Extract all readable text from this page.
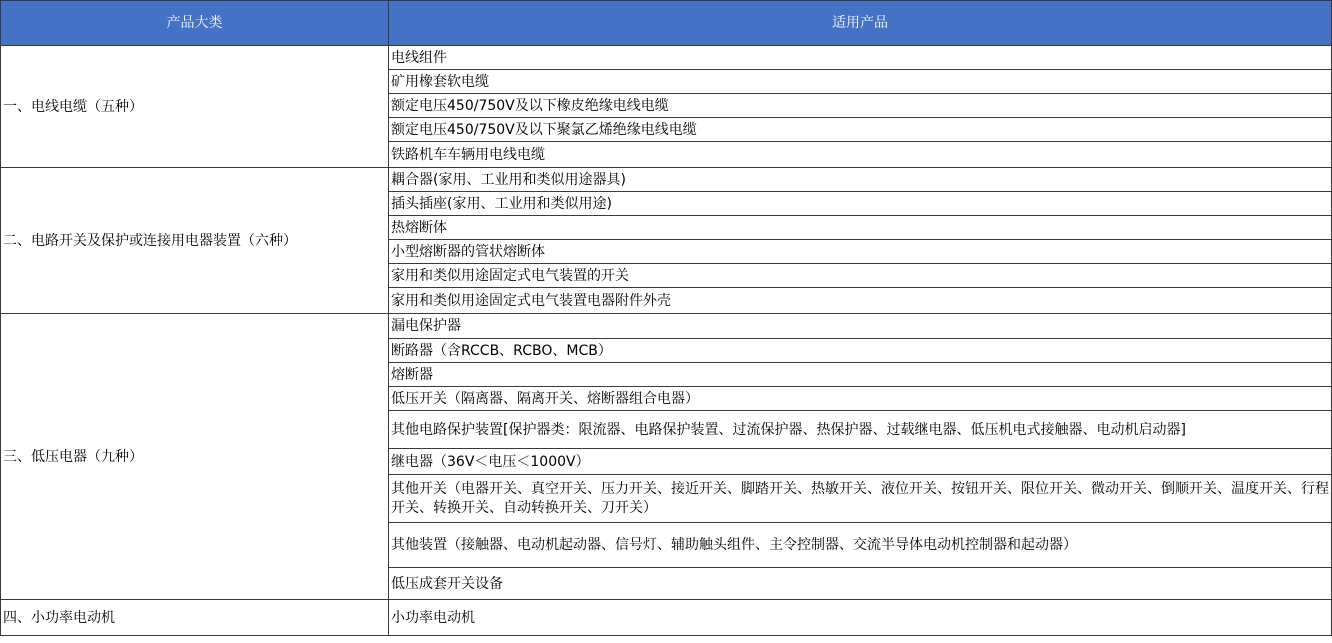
产品大类	适用产品
一、电线电缆（五种）	电线组件
	矿用橡套软电缆
	额定电压450/750V及以下橡皮绝缘电线电缆
	额定电压450/750V及以下聚氯乙烯绝缘电线电缆
	铁路机车车辆用电线电缆
二、电路开关及保护或连接用电器装置（六种）	耦合器(家用、工业用和类似用途器具)
	插头插座(家用、工业用和类似用途)
	热熔断体
	小型熔断器的管状熔断体
	家用和类似用途固定式电气装置的开关
	家用和类似用途固定式电气装置电器附件外壳
三、低压电器（九种）	漏电保护器
	断路器（含RCCB、RCBO、MCB）
	熔断器
	低压开关（隔离器、隔离开关、熔断器组合电器）
	其他电路保护装置[保护器类：限流器、电路保护装置、过流保护器、热保护器、过载继电器、低压机电式接触器、电动机启动器]
	继电器（36V＜电压＜1000V）
	其他开关（电器开关、真空开关、压力开关、接近开关、脚踏开关、热敏开关、液位开关、按钮开关、限位开关、微动开关、倒顺开关、温度开关、行程开关、转换开关、自动转换开关、刀开关）
	其他装置（接触器、电动机起动器、信号灯、辅助触头组件、主令控制器、交流半导体电动机控制器和起动器）
	低压成套开关设备
四、小功率电动机	小功率电动机
